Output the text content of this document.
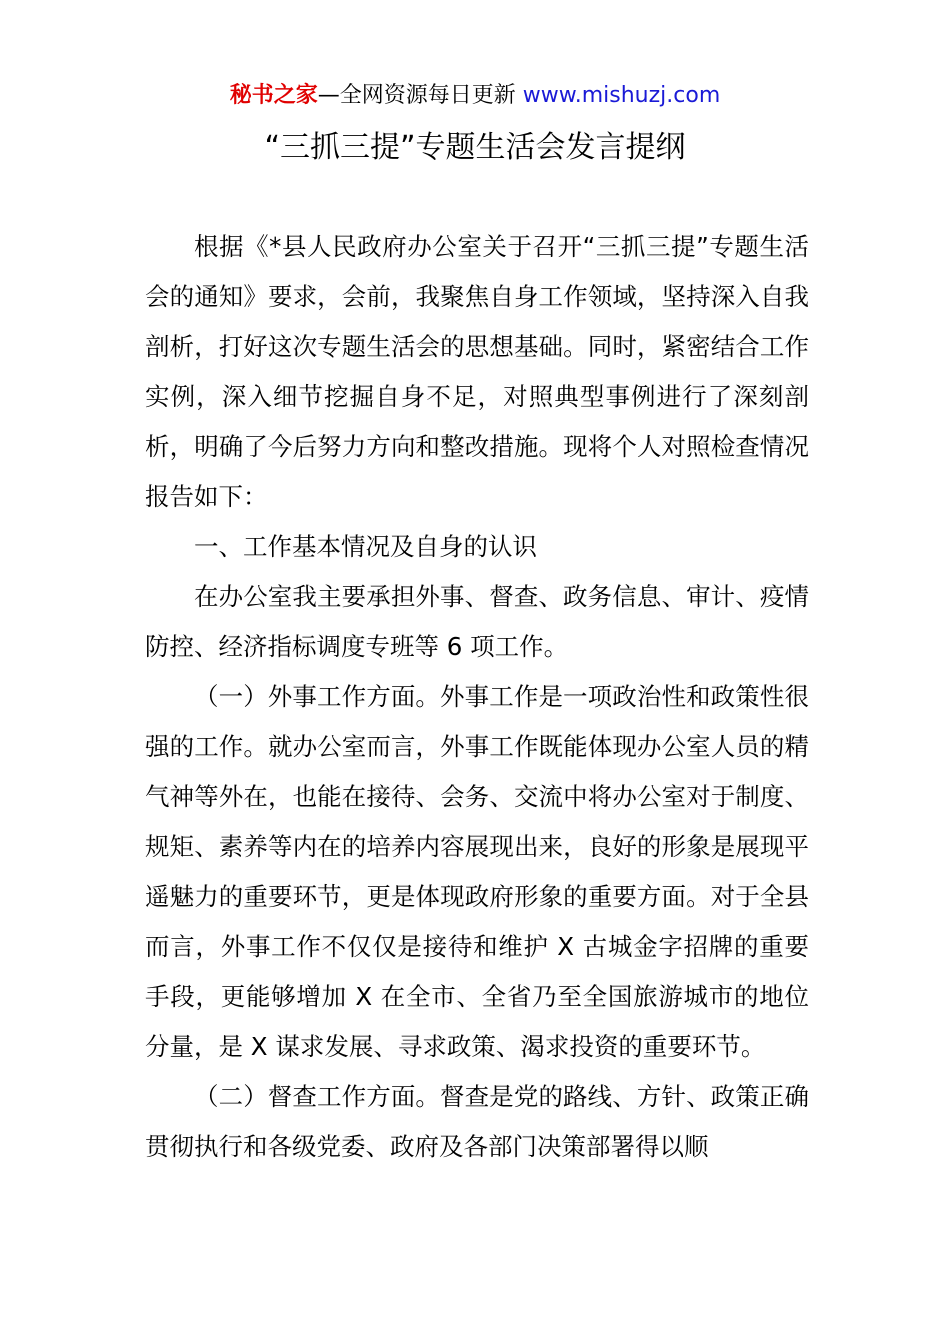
秘书之家—全网资源每日更新 www.mishuzj.com
“三抓三提”专题生活会发言提纲

根据《*县人民政府办公室关于召开“三抓三提”专题生活会的通知》要求，会前，我聚焦自身工作领域，坚持深入自我剖析，打好这次专题生活会的思想基础。同时，紧密结合工作实例，深入细节挖掘自身不足，对照典型事例进行了深刻剖析，明确了今后努力方向和整改措施。现将个人对照检查情况报告如下：

一、工作基本情况及自身的认识

在办公室我主要承担外事、督查、政务信息、审计、疫情防控、经济指标调度专班等 6 项工作。

（一）外事工作方面。外事工作是一项政治性和政策性很强的工作。就办公室而言，外事工作既能体现办公室人员的精气神等外在，也能在接待、会务、交流中将办公室对于制度、规矩、素养等内在的培养内容展现出来，良好的形象是展现平遥魅力的重要环节，更是体现政府形象的重要方面。对于全县而言，外事工作不仅仅是接待和维护 X 古城金字招牌的重要手段，更能够增加 X 在全市、全省乃至全国旅游城市的地位分量，是 X 谋求发展、寻求政策、渴求投资的重要环节。

（二）督查工作方面。督查是党的路线、方针、政策正确贯彻执行和各级党委、政府及各部门决策部署得以顺
